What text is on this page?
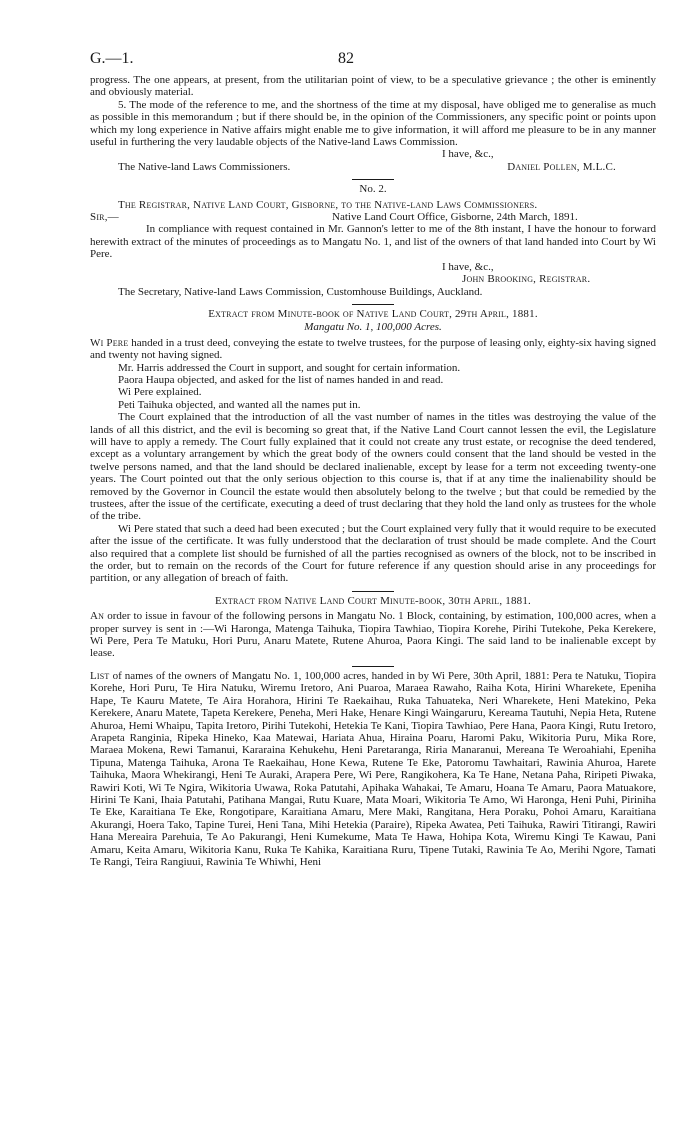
G.—1.	82

progress. The one appears, at present, from the utilitarian point of view, to be a speculative grievance ; the other is eminently and obviously material.

5. The mode of the reference to me, and the shortness of the time at my disposal, have obliged me to generalise as much as possible in this memorandum ; but if there should be, in the opinion of the Commissioners, any specific point or points upon which my long experience in Native affairs might enable me to give information, it will afford me pleasure to be in any manner useful in furthering the very laudable objects of the Native-land Laws Commission.

I have, &c.,

The Native-land Laws Commissioners.	Daniel Pollen, M.L.C.

No. 2.

The Registrar, Native Land Court, Gisborne, to the Native-land Laws Commissioners.

Sir,—	Native Land Court Office, Gisborne, 24th March, 1891.

In compliance with request contained in Mr. Gannon's letter to me of the 8th instant, I have the honour to forward herewith extract of the minutes of proceedings as to Mangatu No. 1, and list of the owners of that land handed into Court by Wi Pere.

I have, &c.,

John Brooking, Registrar.

The Secretary, Native-land Laws Commission, Customhouse Buildings, Auckland.

Extract from Minute-book of Native Land Court, 29th April, 1881.

Mangatu No. 1, 100,000 Acres.

Wi Pere handed in a trust deed, conveying the estate to twelve trustees, for the purpose of leasing only, eighty-six having signed and twenty not having signed.

Mr. Harris addressed the Court in support, and sought for certain information.

Paora Haupa objected, and asked for the list of names handed in and read.

Wi Pere explained.

Peti Taihuka objected, and wanted all the names put in.

The Court explained that the introduction of all the vast number of names in the titles was destroying the value of the lands of all this district, and the evil is becoming so great that, if the Native Land Court cannot lessen the evil, the Legislature will have to apply a remedy. The Court fully explained that it could not create any trust estate, or recognise the deed tendered, except as a voluntary arrangement by which the great body of the owners could consent that the land should be vested in the twelve persons named, and that the land should be declared inalienable, except by lease for a term not exceeding twenty-one years. The Court pointed out that the only serious objection to this course is, that if at any time the inalienability should be removed by the Governor in Council the estate would then absolutely belong to the twelve ; but that could be remedied by the trustees, after the issue of the certificate, executing a deed of trust declaring that they hold the land only as trustees for the whole of the tribe.

Wi Pere stated that such a deed had been executed ; but the Court explained very fully that it would require to be executed after the issue of the certificate. It was fully understood that the declaration of trust should be made complete. And the Court also required that a complete list should be furnished of all the parties recognised as owners of the block, not to be inscribed in the order, but to remain on the records of the Court for future reference if any question should arise in any proceedings for partition, or any allegation of breach of faith.

Extract from Native Land Court Minute-book, 30th April, 1881.

An order to issue in favour of the following persons in Mangatu No. 1 Block, containing, by estimation, 100,000 acres, when a proper survey is sent in :—Wi Haronga, Matenga Taihuka, Tiopira Tawhiao, Tiopira Korehe, Pirihi Tutekohe, Peka Kerekere, Wi Pere, Pera Te Matuku, Hori Puru, Anaru Matete, Rutene Ahuroa, Paora Kingi. The said land to be inalienable except by lease.

List of names of the owners of Mangatu No. 1, 100,000 acres, handed in by Wi Pere, 30th April, 1881: Pera te Natuku, Tiopira Korehe, Hori Puru, Te Hira Natuku, Wiremu Iretoro, Ani Puaroa, Maraea Rawaho, Raiha Kota, Hirini Wharekete, Epeniha Hape, Te Kauru Matete, Te Aira Horahora, Hirini Te Raekaihau, Ruka Tahuateka, Neri Wharekete, Heni Matekino, Peka Kerekere, Anaru Matete, Tapeta Kerekere, Peneha, Meri Hake, Henare Kingi Waingaruru, Kereama Tautuhi, Nepia Heta, Rutene Ahuroa, Hemi Whaipu, Tapita Iretoro, Pirihi Tutekohi, Hetekia Te Kani, Tiopira Tawhiao, Pere Hana, Paora Kingi, Rutu Iretoro, Arapeta Ranginia, Ripeka Hineko, Kaa Matewai, Hariata Ahua, Hiraina Poaru, Haromi Paku, Wikitoria Puru, Mika Rore, Maraea Mokena, Rewi Tamanui, Kararaina Kehukehu, Heni Paretaranga, Riria Manaranui, Mereana Te Weroahiahi, Epeniha Tipuna, Matenga Taihuka, Arona Te Raekaihau, Hone Kewa, Rutene Te Eke, Patoromu Tawhaitari, Rawinia Ahuroa, Harete Taihuka, Maora Whekirangi, Heni Te Auraki, Arapera Pere, Wi Pere, Rangikohera, Ka Te Hane, Netana Paha, Riripeti Piwaka, Rawiri Koti, Wi Te Ngira, Wikitoria Uwawa, Roka Patutahi, Apihaka Wahakai, Te Amaru, Hoana Te Amaru, Paora Matuakore, Hirini Te Kani, Ihaia Patutahi, Patihana Mangai, Rutu Kuare, Mata Moari, Wikitoria Te Amo, Wi Haronga, Heni Puhi, Piriniha Te Eke, Karaitiana Te Eke, Rongotipare, Karaitiana Amaru, Mere Maki, Rangitana, Hera Poraku, Pohoi Amaru, Karaitiana Akurangi, Hoera Tako, Tapine Turei, Heni Tana, Mihi Hetekia (Paraire), Ripeka Awatea, Peti Taihuka, Rawiri Titirangi, Rawiri Hana Mereaira Parehuia, Te Ao Pakurangi, Heni Kumekume, Mata Te Hawa, Hohipa Kota, Wiremu Kingi Te Kawau, Pani Amaru, Keita Amaru, Wikitoria Kanu, Ruka Te Kahika, Karaitiana Ruru, Tipene Tutaki, Rawinia Te Ao, Merihi Ngore, Tamati Te Rangi, Teira Rangiuui, Rawinia Te Whiwhi, Heni
